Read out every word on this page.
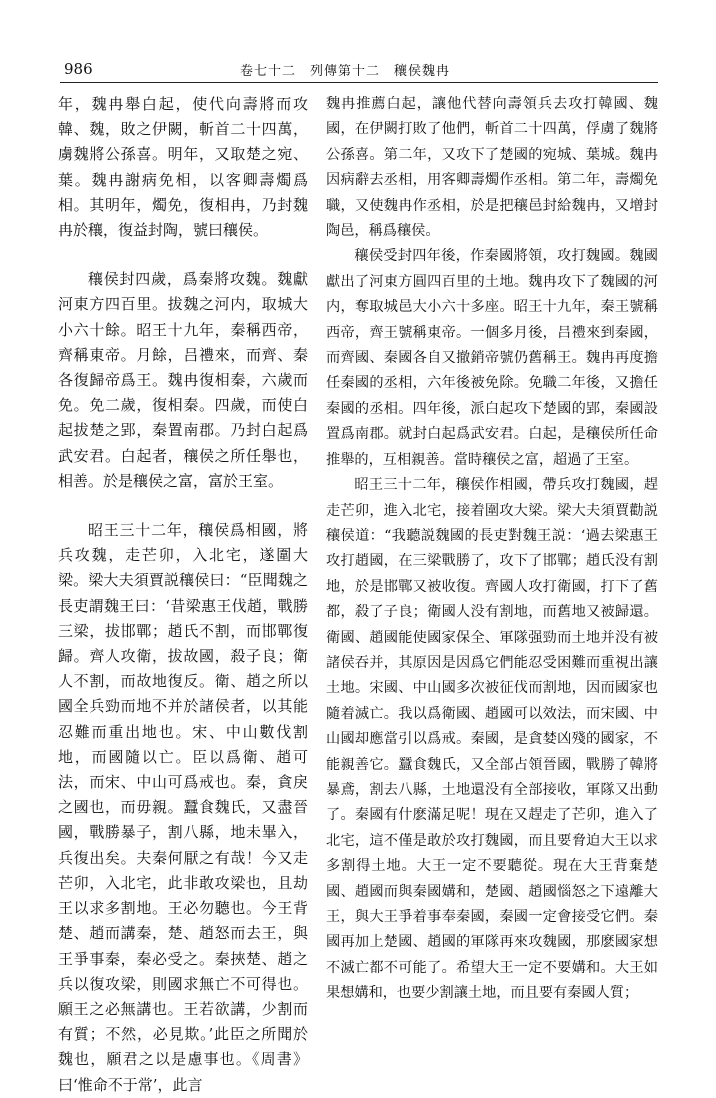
986	卷七十二　列傳第十二　穰侯魏冉

年，魏冉舉白起，使代向壽將而攻韓、魏，敗之伊闕，斬首二十四萬，虜魏將公孫喜。明年，又取楚之宛、葉。魏冉謝病免相，以客卿壽燭爲相。其明年，燭免，復相冉，乃封魏冉於穰，復益封陶，號曰穰侯。

穰侯封四歲，爲秦將攻魏。魏獻河東方四百里。拔魏之河内，取城大小六十餘。昭王十九年，秦稱西帝，齊稱東帝。月餘，吕禮來，而齊、秦各復歸帝爲王。魏冉復相秦，六歲而免。免二歲，復相秦。四歲，而使白起拔楚之郢，秦置南郡。乃封白起爲武安君。白起者，穰侯之所任舉也，相善。於是穰侯之富，富於王室。

昭王三十二年，穰侯爲相國，將兵攻魏，走芒卯，入北宅，遂圍大梁。梁大夫須賈説穰侯曰：“臣聞魏之長吏謂魏王曰：‘昔梁惠王伐趙，戰勝三梁，拔邯鄲；趙氏不割，而邯鄲復歸。齊人攻衛，拔故國，殺子良；衛人不割，而故地復反。衛、趙之所以國全兵勁而地不并於諸侯者，以其能忍難而重出地也。宋、中山數伐割地，而國隨以亡。臣以爲衛、趙可法，而宋、中山可爲戒也。秦，貪戾之國也，而毋親。蠶食魏氏，又盡晉國，戰勝暴子，割八縣，地未畢入，兵復出矣。夫秦何厭之有哉！今又走芒卯，入北宅，此非敢攻梁也，且劫王以求多割地。王必勿聽也。今王背楚、趙而講秦，楚、趙怒而去王，與王爭事秦，秦必受之。秦挾楚、趙之兵以復攻梁，則國求無亡不可得也。願王之必無講也。王若欲講，少割而有質；不然，必見欺。’此臣之所聞於魏也，願君之以是慮事也。《周書》曰‘惟命不于常’，此言

魏冉推薦白起，讓他代替向壽領兵去攻打韓國、魏國，在伊闕打敗了他們，斬首二十四萬，俘虜了魏將公孫喜。第二年，又攻下了楚國的宛城、葉城。魏冉因病辭去丞相，用客卿壽燭作丞相。第二年，壽燭免職，又使魏冉作丞相，於是把穰邑封給魏冉，又增封陶邑，稱爲穰侯。

穰侯受封四年後，作秦國將領，攻打魏國。魏國獻出了河東方圓四百里的土地。魏冉攻下了魏國的河内，奪取城邑大小六十多座。昭王十九年，秦王號稱西帝，齊王號稱東帝。一個多月後，吕禮來到秦國，而齊國、秦國各自又撤銷帝號仍舊稱王。魏冉再度擔任秦國的丞相，六年後被免除。免職二年後，又擔任秦國的丞相。四年後，派白起攻下楚國的郢，秦國設置爲南郡。就封白起爲武安君。白起，是穰侯所任命推舉的，互相親善。當時穰侯之富，超過了王室。

昭王三十二年，穰侯作相國，帶兵攻打魏國，趕走芒卯，進入北宅，接着圍攻大梁。梁大夫須賈勸説穰侯道：“我聽説魏國的長吏對魏王説：‘過去梁惠王攻打趙國，在三梁戰勝了，攻下了邯鄲；趙氏没有割地，於是邯鄲又被收復。齊國人攻打衛國，打下了舊都，殺了子良；衛國人没有割地，而舊地又被歸還。衛國、趙國能使國家保全、軍隊强勁而土地并没有被諸侯吞并，其原因是因爲它們能忍受困難而重視出讓土地。宋國、中山國多次被征伐而割地，因而國家也隨着滅亡。我以爲衛國、趙國可以效法，而宋國、中山國却應當引以爲戒。秦國，是貪婪凶殘的國家，不能親善它。蠶食魏氏，又全部占領晉國，戰勝了韓將暴鳶，割去八縣，土地還没有全部接收，軍隊又出動了。秦國有什麽滿足呢！現在又趕走了芒卯，進入了北宅，這不僅是敢於攻打魏國，而且要脅迫大王以求多割得土地。大王一定不要聽從。現在大王背棄楚國、趙國而與秦國媾和，楚國、趙國惱怒之下遠離大王，與大王爭着事奉秦國，秦國一定會接受它們。秦國再加上楚國、趙國的軍隊再來攻魏國，那麽國家想不滅亡都不可能了。希望大王一定不要媾和。大王如果想媾和，也要少割讓土地，而且要有秦國人質；
